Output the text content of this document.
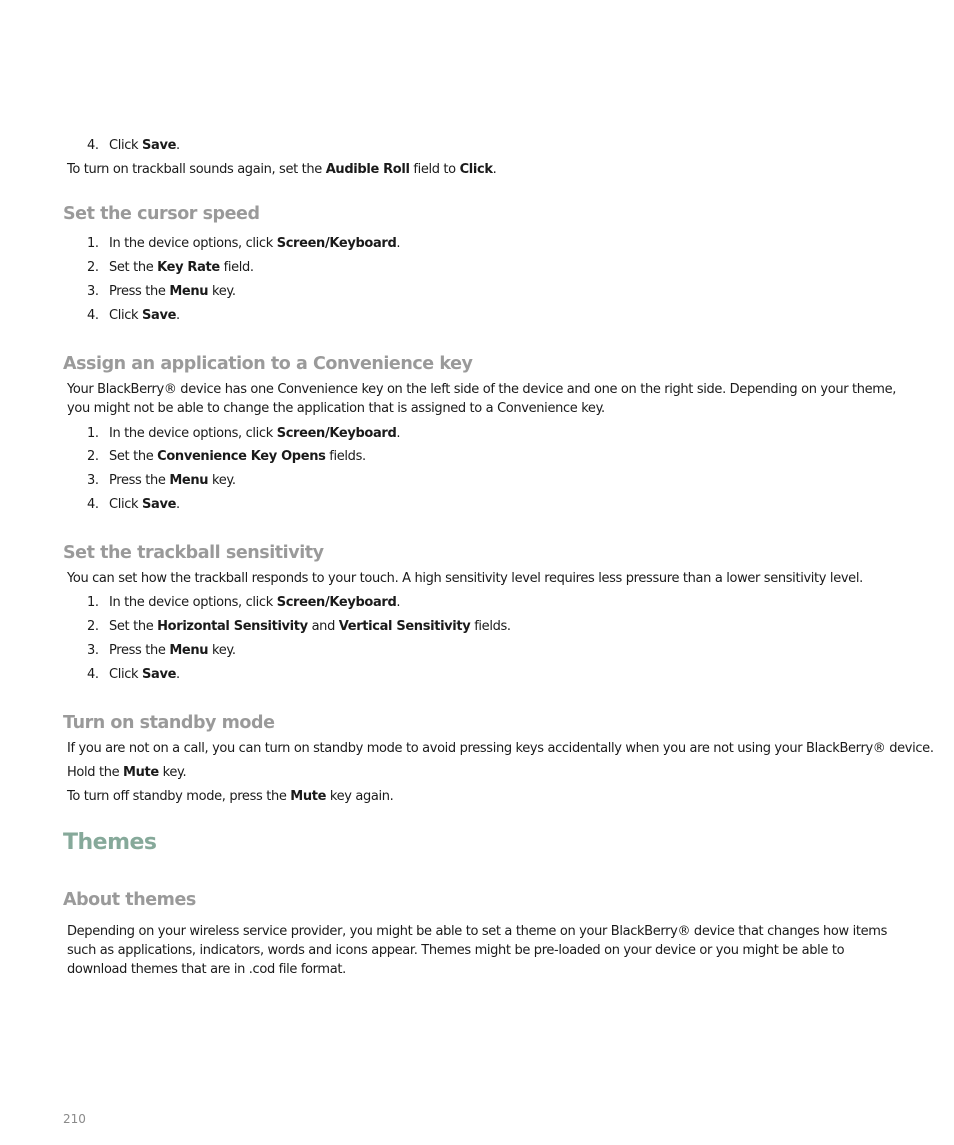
4. Click Save.

To turn on trackball sounds again, set the Audible Roll field to Click.

Set the cursor speed

1. In the device options, click Screen/Keyboard.

2. Set the Key Rate field.

3. Press the Menu key.

4. Click Save.

Assign an application to a Convenience key

Your BlackBerry® device has one Convenience key on the left side of the device and one on the right side. Depending on your theme, you might not be able to change the application that is assigned to a Convenience key.

1. In the device options, click Screen/Keyboard.

2. Set the Convenience Key Opens fields.

3. Press the Menu key.

4. Click Save.

Set the trackball sensitivity

You can set how the trackball responds to your touch. A high sensitivity level requires less pressure than a lower sensitivity level.

1. In the device options, click Screen/Keyboard.

2. Set the Horizontal Sensitivity and Vertical Sensitivity fields.

3. Press the Menu key.

4. Click Save.

Turn on standby mode

If you are not on a call, you can turn on standby mode to avoid pressing keys accidentally when you are not using your BlackBerry® device.

Hold the Mute key.

To turn off standby mode, press the Mute key again.

Themes
About themes

Depending on your wireless service provider, you might be able to set a theme on your BlackBerry® device that changes how items such as applications, indicators, words and icons appear. Themes might be pre-loaded on your device or you might be able to download themes that are in .cod file format.

210
